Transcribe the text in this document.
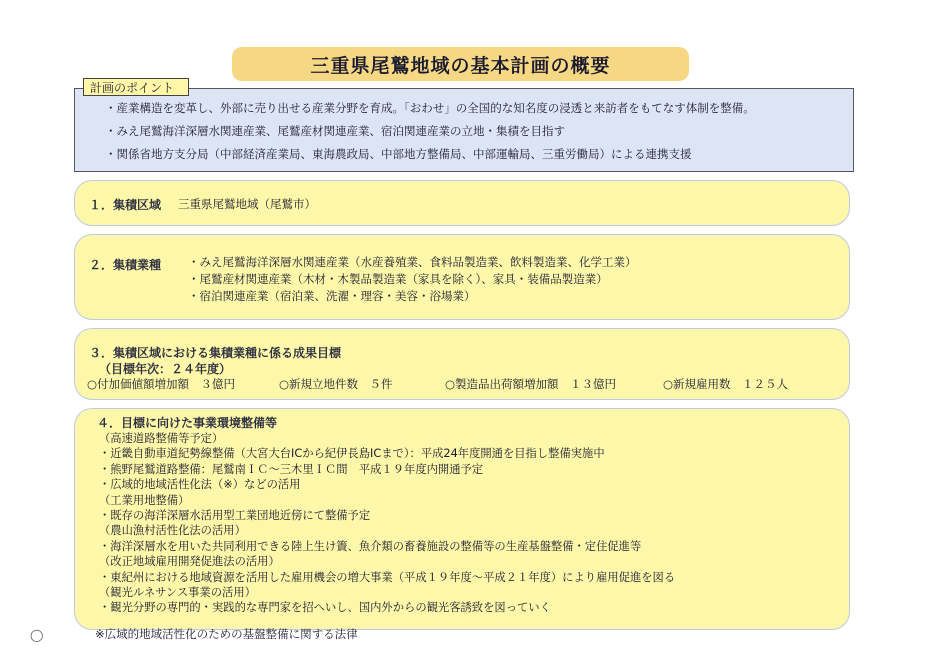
三重県尾鷲地域の基本計画の概要
計画のポイント
・産業構造を変革し、外部に売り出せる産業分野を育成。「おわせ」の全国的な知名度の浸透と来訪者をもてなす体制を整備。
・みえ尾鷲海洋深層水関連産業、尾鷲産材関連産業、宿泊関連産業の立地・集積を目指す
・関係省地方支分局（中部経済産業局、東海農政局、中部地方整備局、中部運輸局、三重労働局）による連携支援
１．集積区域 三重県尾鷲地域（尾鷲市）
２．集積業種 ・みえ尾鷲海洋深層水関連産業（水産養殖業、食料品製造業、飲料製造業、化学工業）
・尾鷲産材関連産業（木材・木製品製造業（家具を除く）、家具・装備品製造業）
・宿泊関連産業（宿泊業、洗濯・理容・美容・浴場業）
３．集積区域における集積業種に係る成果目標
（目標年次：２４年度）
○付加価値額増加額　３億円	○新規立地件数　５件	○製造品出荷額増加額　１３億円	○新規雇用数　１２５人
４．目標に向けた事業環境整備等
（高速道路整備等予定）
・近畿自動車道紀勢線整備（大宮大台ICから紀伊長島ICまで）：平成24年度開通を目指し整備実施中
・熊野尾鷲道路整備：尾鷲南ＩＣ～三木里ＩＣ間　平成１９年度内開通予定
・広域的地域活性化法（※）などの活用
（工業用地整備）
・既存の海洋深層水活用型工業団地近傍にて整備予定
（農山漁村活性化法の活用）
・海洋深層水を用いた共同利用できる陸上生け簀、魚介類の畜養施設の整備等の生産基盤整備・定住促進等
（改正地域雇用開発促進法の活用）
・東紀州における地域資源を活用した雇用機会の増大事業（平成１９年度～平成２１年度）により雇用促進を図る
（観光ルネサンス事業の活用）
・観光分野の専門的・実践的な専門家を招へいし、国内外からの観光客誘致を図っていく
※広域的地域活性化のための基盤整備に関する法律
◯
